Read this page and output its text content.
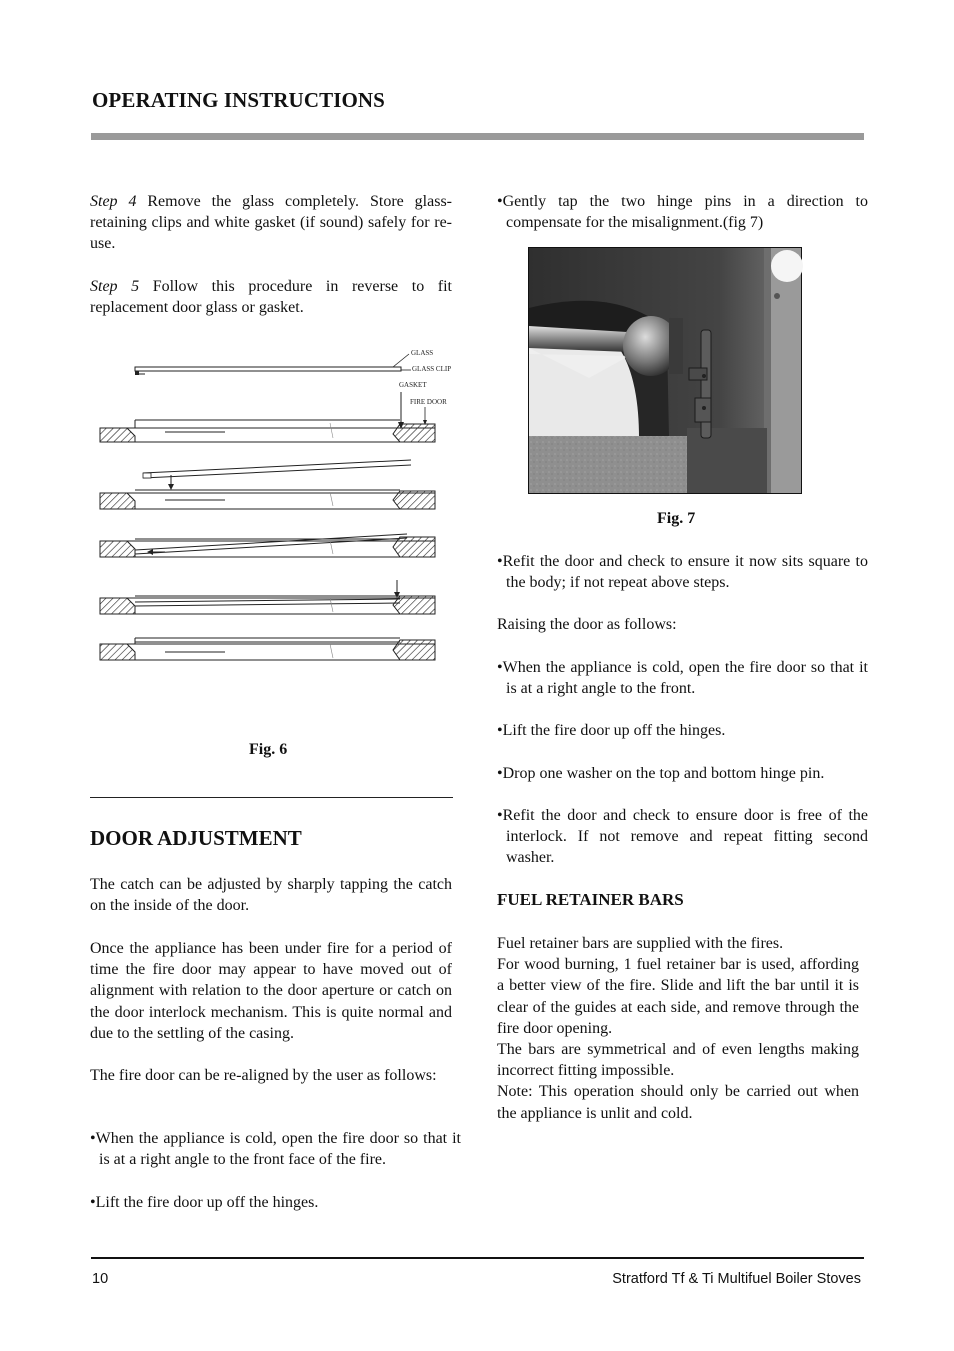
OPERATING INSTRUCTIONS

Step 4 Remove the glass completely. Store glass-retaining clips and white gasket (if sound) safely for re-use.

Step 5 Follow this procedure in reverse to fit replacement door glass or gasket.

GLASS
GLASS CLIP
GASKET
FIRE DOOR
Fig. 6
DOOR ADJUSTMENT

The catch can be adjusted by sharply tapping the catch on the inside of the door.

Once the appliance has been under fire for a period of time the fire door may appear to have moved out of alignment with relation to the door aperture or catch on the door interlock mechanism. This is quite normal and due to the settling of the casing.

The fire door can be re-aligned by the user as follows:

•When the appliance is cold, open the fire door so that it is at a right angle to the front face of the fire.
•Lift the fire door up off the hinges.
•Gently tap the two hinge pins in a direction to compensate for the misalignment.(fig 7)
Fig. 7
•Refit the door and check to ensure it now sits square to the body; if not repeat above steps.

Raising the door as follows:

•When the appliance is cold, open the fire door so that it is at a right angle to the front.
•Lift the fire door up off the hinges.
•Drop one washer on the top and bottom hinge pin.
•Refit the door and check to ensure door is free of the interlock. If not remove and repeat fitting second washer.
FUEL RETAINER BARS

Fuel retainer bars are supplied with the fires.

For wood burning, 1 fuel retainer bar is used, affording a better view of the fire. Slide and lift the bar until it is clear of the guides at each side, and remove through the fire door opening.

The bars are symmetrical and of even lengths making incorrect fitting impossible.

Note: This operation should only be carried out when the appliance is unlit and cold.

10	Stratford Tf & Ti Multifuel Boiler Stoves
